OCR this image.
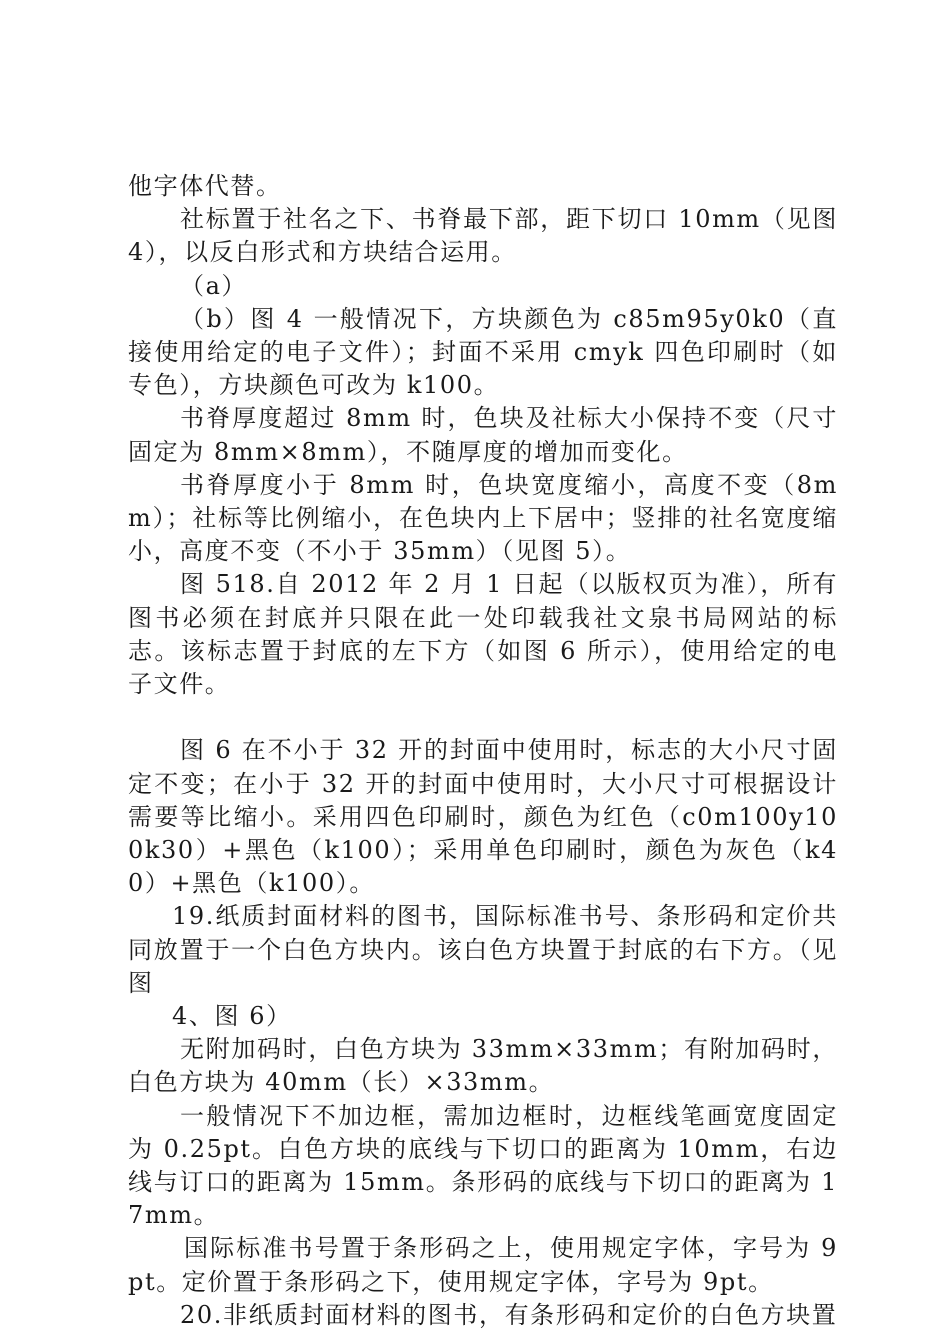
他字体代替。

社标置于社名之下、书脊最下部，距下切口 10mm（见图 4），以反白形式和方块结合运用。

（a）

（b）图 4 一般情况下，方块颜色为 c85m95y0k0（直接使用给定的电子文件）；封面不采用 cmyk 四色印刷时（如专色），方块颜色可改为 k100。

书脊厚度超过 8mm 时，色块及社标大小保持不变（尺寸固定为 8mm×8mm），不随厚度的增加而变化。

书脊厚度小于 8mm 时，色块宽度缩小，高度不变（8mm）；社标等比例缩小，在色块内上下居中；竖排的社名宽度缩小，高度不变（不小于 35mm）（见图 5）。

图 518.自 2012 年 2 月 1 日起（以版权页为准），所有图书必须在封底并只限在此一处印载我社文泉书局网站的标志。该标志置于封底的左下方（如图 6 所示），使用给定的电子文件。

图 6 在不小于 32 开的封面中使用时，标志的大小尺寸固定不变；在小于 32 开的封面中使用时，大小尺寸可根据设计需要等比缩小。采用四色印刷时，颜色为红色（c0m100y100k30）+黑色（k100）；采用单色印刷时，颜色为灰色（k40）+黑色（k100）。

19.纸质封面材料的图书，国际标准书号、条形码和定价共同放置于一个白色方块内。该白色方块置于封底的右下方。（见图

4、图 6）

无附加码时，白色方块为 33mm×33mm；有附加码时，白色方块为 40mm（长）×33mm。

一般情况下不加边框，需加边框时，边框线笔画宽度固定为 0.25pt。白色方块的底线与下切口的距离为 10mm，右边线与订口的距离为 15mm。条形码的底线与下切口的距离为 17mm。

国际标准书号置于条形码之上，使用规定字体，字号为 9pt。定价置于条形码之下，使用规定字体，字号为 9pt。

20.非纸质封面材料的图书，有条形码和定价的白色方块置
